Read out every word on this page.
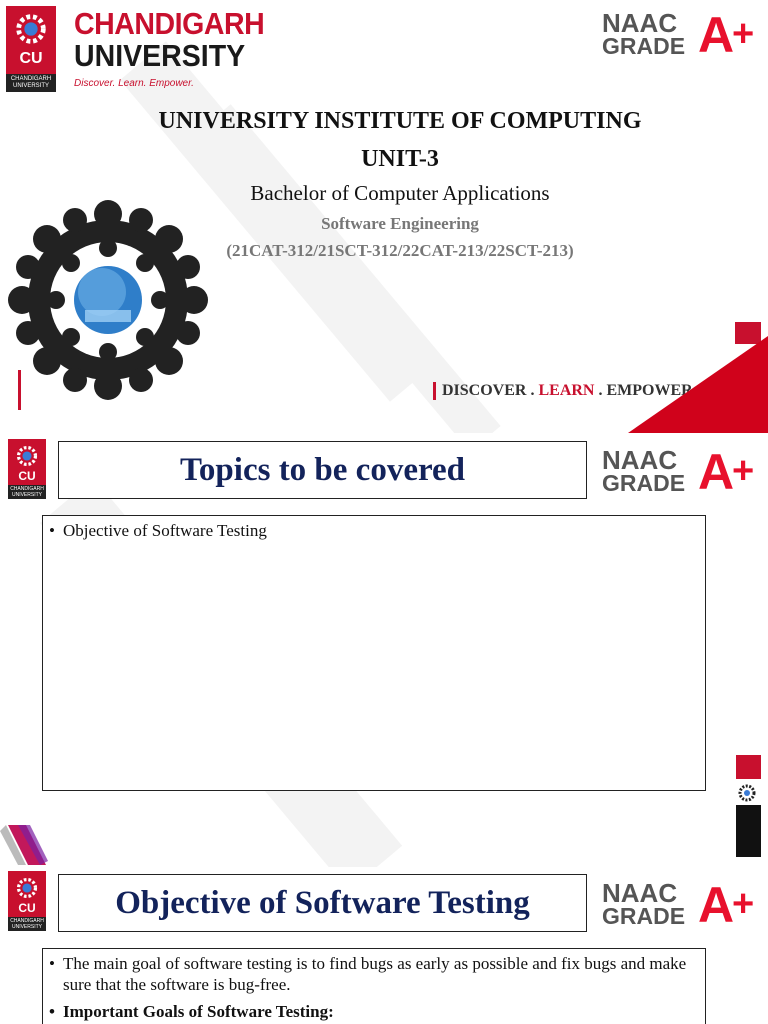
CU
CHANDIGARH UNIVERSITY
CHANDIGARH
UNIVERSITY
Discover. Learn. Empower.
NAAC
GRADE A
+
UNIVERSITY INSTITUTE OF COMPUTING
UNIT-3
Bachelor of Computer Applications
Software Engineering
(21CAT-312/21SCT-312/22CAT-213/22SCT-213)
DISCOVER . LEARN . EMPOWER
CU
CHANDIGARH UNIVERSITY
Topics to be covered	NAAC
GRADE A
+
• Objective of Software Testing
CU
CHANDIGARH UNIVERSITY
Objective of Software Testing	NAAC
GRADE A
+
• The main goal of software testing is to find bugs as early as possible and fix bugs and make sure that the software is bug-free.
• Important Goals of Software Testing:
